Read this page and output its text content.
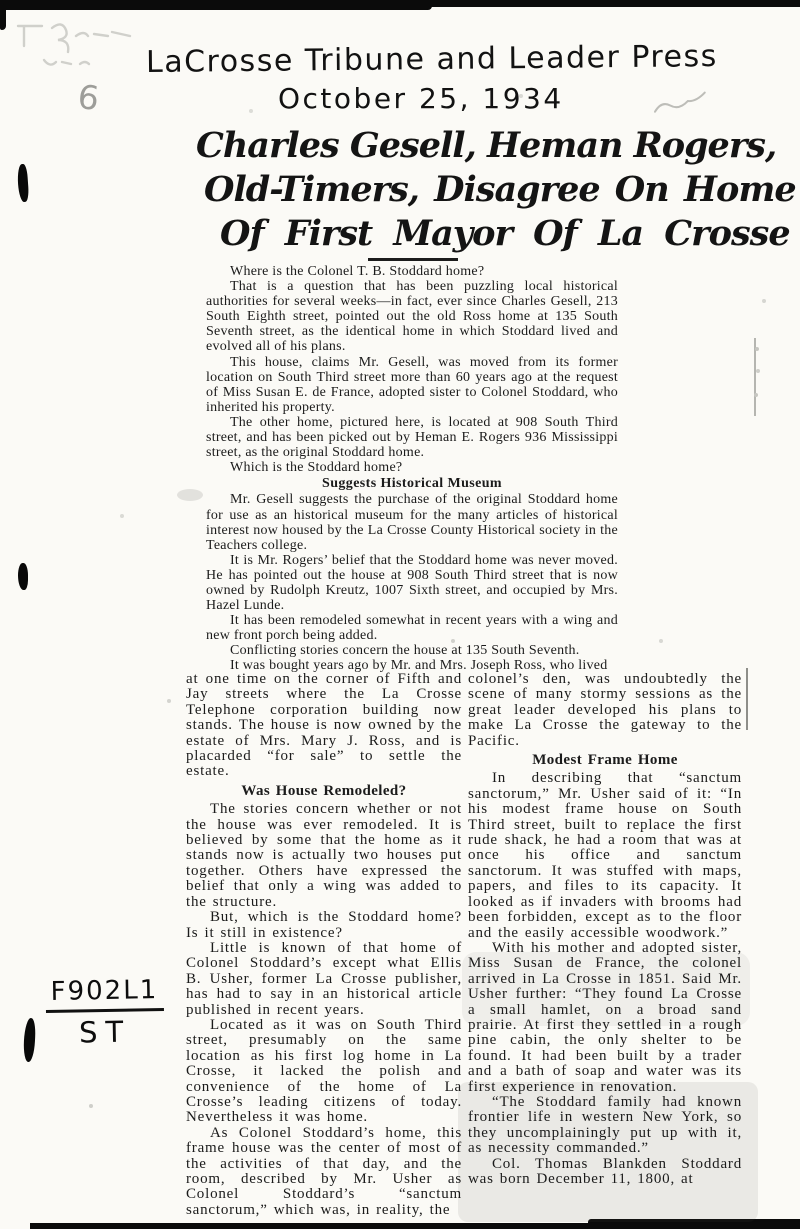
LaCrosse Tribune and Leader Press
October 25, 1934
6
F902L1
ST
Charles Gesell, Heman Rogers,
Old-Timers, Disagree On Home
Of First Mayor Of La Crosse

Where is the Colonel T. B. Stoddard home?

That is a question that has been puzzling local historical authorities for several weeks—in fact, ever since Charles Gesell, 213 South Eighth street, pointed out the old Ross home at 135 South Seventh street, as the identical home in which Stoddard lived and evolved all of his plans.

This house, claims Mr. Gesell, was moved from its former location on South Third street more than 60 years ago at the request of Miss Susan E. de France, adopted sister to Colonel Stoddard, who inherited his property.

The other home, pictured here, is located at 908 South Third street, and has been picked out by Heman E. Rogers 936 Mississippi street, as the original Stoddard home.

Which is the Stoddard home?

Suggests Historical Museum

Mr. Gesell suggests the purchase of the original Stoddard home for use as an historical museum for the many articles of historical interest now housed by the La Crosse County Historical society in the Teachers college.

It is Mr. Rogers’ belief that the Stoddard home was never moved. He has pointed out the house at 908 South Third street that is now owned by Rudolph Kreutz, 1007 Sixth street, and occupied by Mrs. Hazel Lunde.

It has been remodeled somewhat in recent years with a wing and new front porch being added.

Conflicting stories concern the house at 135 South Seventh.

It was bought years ago by Mr. and Mrs. Joseph Ross, who lived

at one time on the corner of Fifth and Jay streets where the La Crosse Telephone corporation building now stands. The house is now owned by the estate of Mrs. Mary J. Ross, and is placarded “for sale” to settle the estate.

Was House Remodeled?

The stories concern whether or not the house was ever remodeled. It is believed by some that the home as it stands now is actually two houses put together. Others have expressed the belief that only a wing was added to the structure.

But, which is the Stoddard home? Is it still in existence?

Little is known of that home of Colonel Stoddard’s except what Ellis B. Usher, former La Crosse publisher, has had to say in an historical article published in recent years.

Located as it was on South Third street, presumably on the same location as his first log home in La Crosse, it lacked the polish and convenience of the home of La Crosse’s leading citizens of today. Nevertheless it was home.

As Colonel Stoddard’s home, this frame house was the center of most of the activities of that day, and the room, described by Mr. Usher as Colonel Stoddard’s “sanctum sanctorum,” which was, in reality, the

colonel’s den, was undoubtedly the scene of many stormy sessions as the great leader developed his plans to make La Crosse the gateway to the Pacific.

Modest Frame Home

In describing that “sanctum sanctorum,” Mr. Usher said of it: “In his modest frame house on South Third street, built to replace the first rude shack, he had a room that was at once his office and sanctum sanctorum. It was stuffed with maps, papers, and files to its capacity. It looked as if invaders with brooms had been forbidden, except as to the floor and the easily accessible woodwork.”

With his mother and adopted sister, Miss Susan de France, the colonel arrived in La Crosse in 1851. Said Mr. Usher further: “They found La Crosse a small hamlet, on a broad sand prairie. At first they settled in a rough pine cabin, the only shelter to be found. It had been built by a trader and a bath of soap and water was its first experience in renovation.

“The Stoddard family had known frontier life in western New York, so they uncomplainingly put up with it, as necessity commanded.”

Col. Thomas Blankden Stoddard was born December 11, 1800, at
